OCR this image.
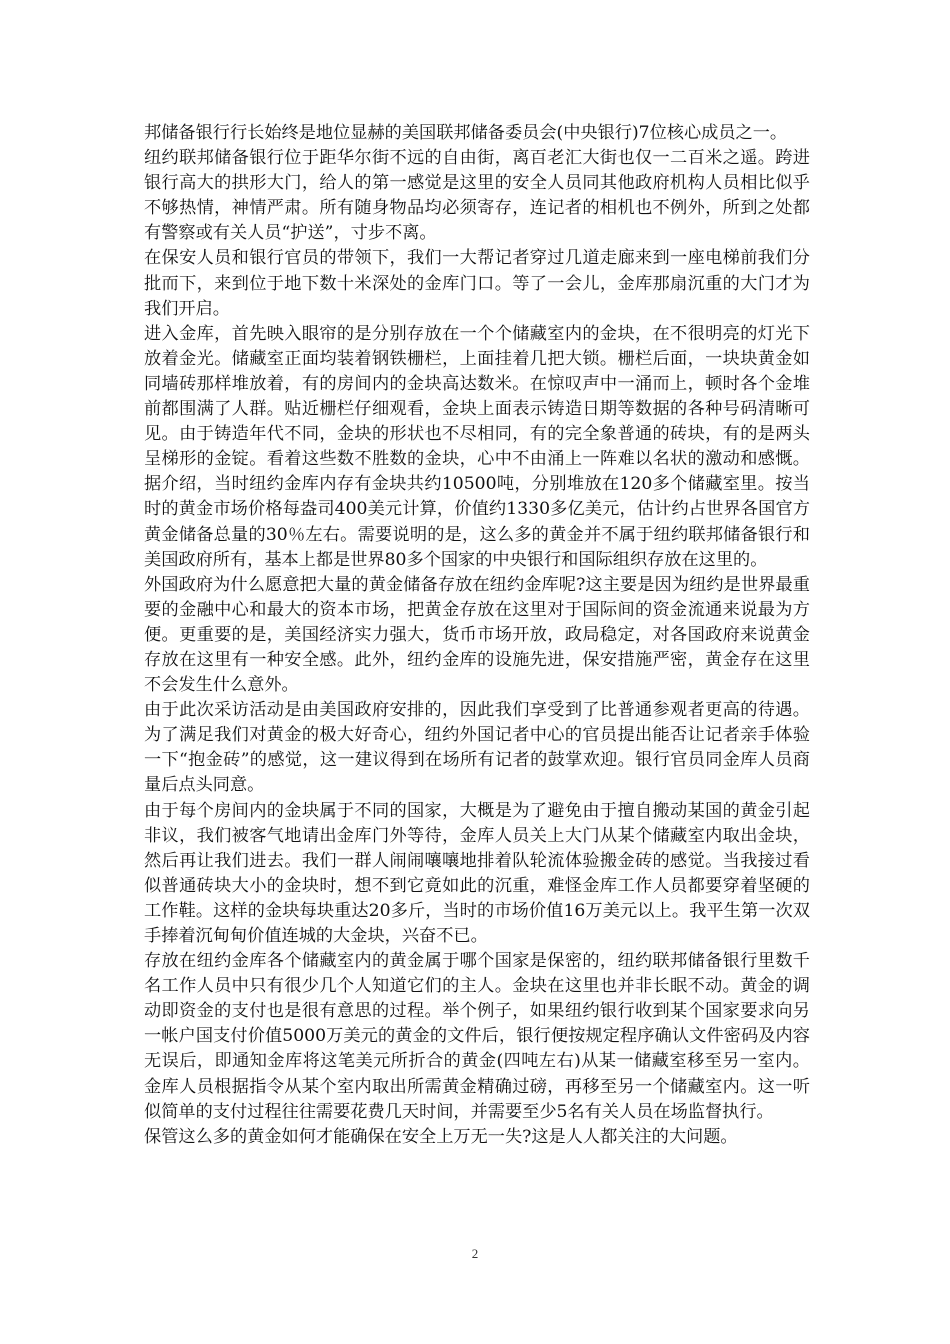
邦储备银行行长始终是地位显赫的美国联邦储备委员会(中央银行)7位核心成员之一。

纽约联邦储备银行位于距华尔街不远的自由街，离百老汇大街也仅一二百米之遥。跨进银行高大的拱形大门，给人的第一感觉是这里的安全人员同其他政府机构人员相比似乎不够热情，神情严肃。所有随身物品均必须寄存，连记者的相机也不例外，所到之处都有警察或有关人员“护送”，寸步不离。

在保安人员和银行官员的带领下，我们一大帮记者穿过几道走廊来到一座电梯前我们分批而下，来到位于地下数十米深处的金库门口。等了一会儿，金库那扇沉重的大门才为我们开启。

进入金库，首先映入眼帘的是分别存放在一个个储藏室内的金块，在不很明亮的灯光下放着金光。储藏室正面均装着钢铁栅栏，上面挂着几把大锁。栅栏后面，一块块黄金如同墙砖那样堆放着，有的房间内的金块高达数米。在惊叹声中一涌而上，顿时各个金堆前都围满了人群。贴近栅栏仔细观看，金块上面表示铸造日期等数据的各种号码清晰可见。由于铸造年代不同，金块的形状也不尽相同，有的完全象普通的砖块，有的是两头呈梯形的金锭。看着这些数不胜数的金块，心中不由涌上一阵难以名状的激动和感慨。据介绍，当时纽约金库内存有金块共约10500吨，分别堆放在120多个储藏室里。按当时的黄金市场价格每盎司400美元计算，价值约1330多亿美元，估计约占世界各国官方黄金储备总量的30％左右。需要说明的是，这么多的黄金并不属于纽约联邦储备银行和美国政府所有，基本上都是世界80多个国家的中央银行和国际组织存放在这里的。

外国政府为什么愿意把大量的黄金储备存放在纽约金库呢?这主要是因为纽约是世界最重要的金融中心和最大的资本市场，把黄金存放在这里对于国际间的资金流通来说最为方便。更重要的是，美国经济实力强大，货币市场开放，政局稳定，对各国政府来说黄金存放在这里有一种安全感。此外，纽约金库的设施先进，保安措施严密，黄金存在这里不会发生什么意外。

由于此次采访活动是由美国政府安排的，因此我们享受到了比普通参观者更高的待遇。为了满足我们对黄金的极大好奇心，纽约外国记者中心的官员提出能否让记者亲手体验一下“抱金砖”的感觉，这一建议得到在场所有记者的鼓掌欢迎。银行官员同金库人员商量后点头同意。

由于每个房间内的金块属于不同的国家，大概是为了避免由于擅自搬动某国的黄金引起非议，我们被客气地请出金库门外等待，金库人员关上大门从某个储藏室内取出金块，然后再让我们进去。我们一群人闹闹嚷嚷地排着队轮流体验搬金砖的感觉。当我接过看似普通砖块大小的金块时，想不到它竟如此的沉重，难怪金库工作人员都要穿着坚硬的工作鞋。这样的金块每块重达20多斤，当时的市场价值16万美元以上。我平生第一次双手捧着沉甸甸价值连城的大金块，兴奋不已。

存放在纽约金库各个储藏室内的黄金属于哪个国家是保密的，纽约联邦储备银行里数千名工作人员中只有很少几个人知道它们的主人。金块在这里也并非长眠不动。黄金的调动即资金的支付也是很有意思的过程。举个例子，如果纽约银行收到某个国家要求向另一帐户国支付价值5000万美元的黄金的文件后，银行便按规定程序确认文件密码及内容无误后，即通知金库将这笔美元所折合的黄金(四吨左右)从某一储藏室移至另一室内。金库人员根据指令从某个室内取出所需黄金精确过磅，再移至另一个储藏室内。这一听似简单的支付过程往往需要花费几天时间，并需要至少5名有关人员在场监督执行。

保管这么多的黄金如何才能确保在安全上万无一失?这是人人都关注的大问题。

2
